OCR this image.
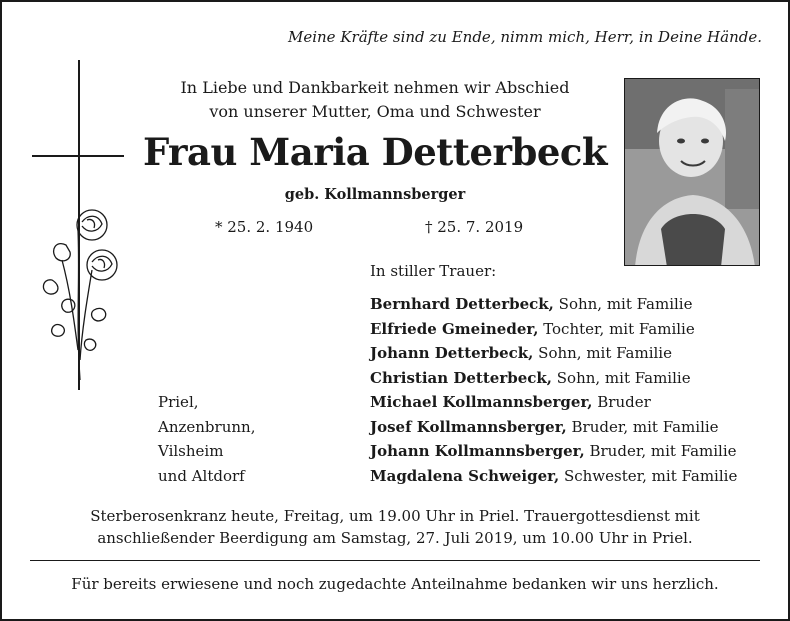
Meine Kräfte sind zu Ende, nimm mich, Herr, in Deine Hände.
In Liebe und Dankbarkeit nehmen wir Abschied
von unserer Mutter, Oma und Schwester
Frau Maria Detterbeck
geb. Kollmannsberger
* 25. 2. 1940	† 25. 7. 2019
In stiller Trauer:
Bernhard Detterbeck, Sohn, mit Familie
Elfriede Gmeineder, Tochter, mit Familie
Johann Detterbeck, Sohn, mit Familie
Christian Detterbeck, Sohn, mit Familie
Michael Kollmannsberger, Bruder
Josef Kollmannsberger, Bruder, mit Familie
Johann Kollmannsberger, Bruder, mit Familie
Magdalena Schweiger, Schwester, mit Familie
Priel,
Anzenbrunn,
Vilsheim
und Altdorf
Sterberosenkranz heute, Freitag, um 19.00 Uhr in Priel. Trauergottesdienst mit
anschließender Beerdigung am Samstag, 27. Juli 2019, um 10.00 Uhr in Priel.
Für bereits erwiesene und noch zugedachte Anteilnahme bedanken wir uns herzlich.
